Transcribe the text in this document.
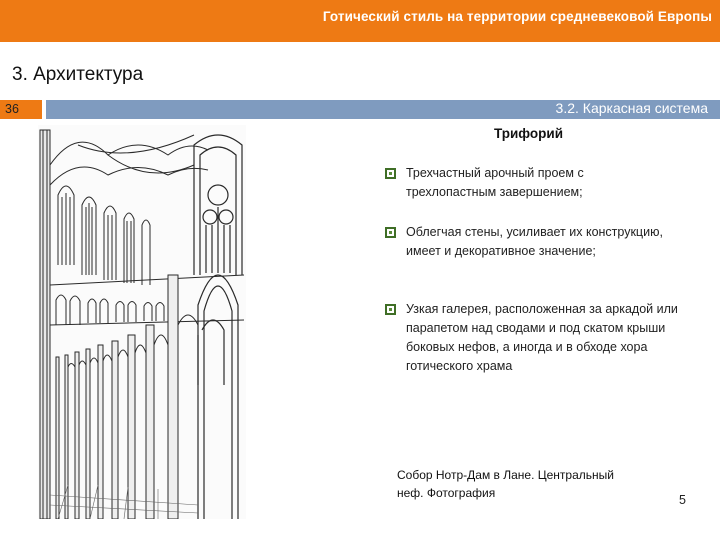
Готический стиль на территории средневековой Европы
3. Архитектура
36	3.2. Каркасная система
Трифорий
Трехчастный арочный проем с
трехлопастным завершением;
Облегчая стены, усиливает их конструкцию, имеет и декоративное значение;
Узкая галерея, расположенная за аркадой или парапетом над сводами и под скатом крыши боковых нефов, а иногда и в обходе хора готического храма
Собор Нотр-Дам в Лане. Центральный неф. Фотография	5
